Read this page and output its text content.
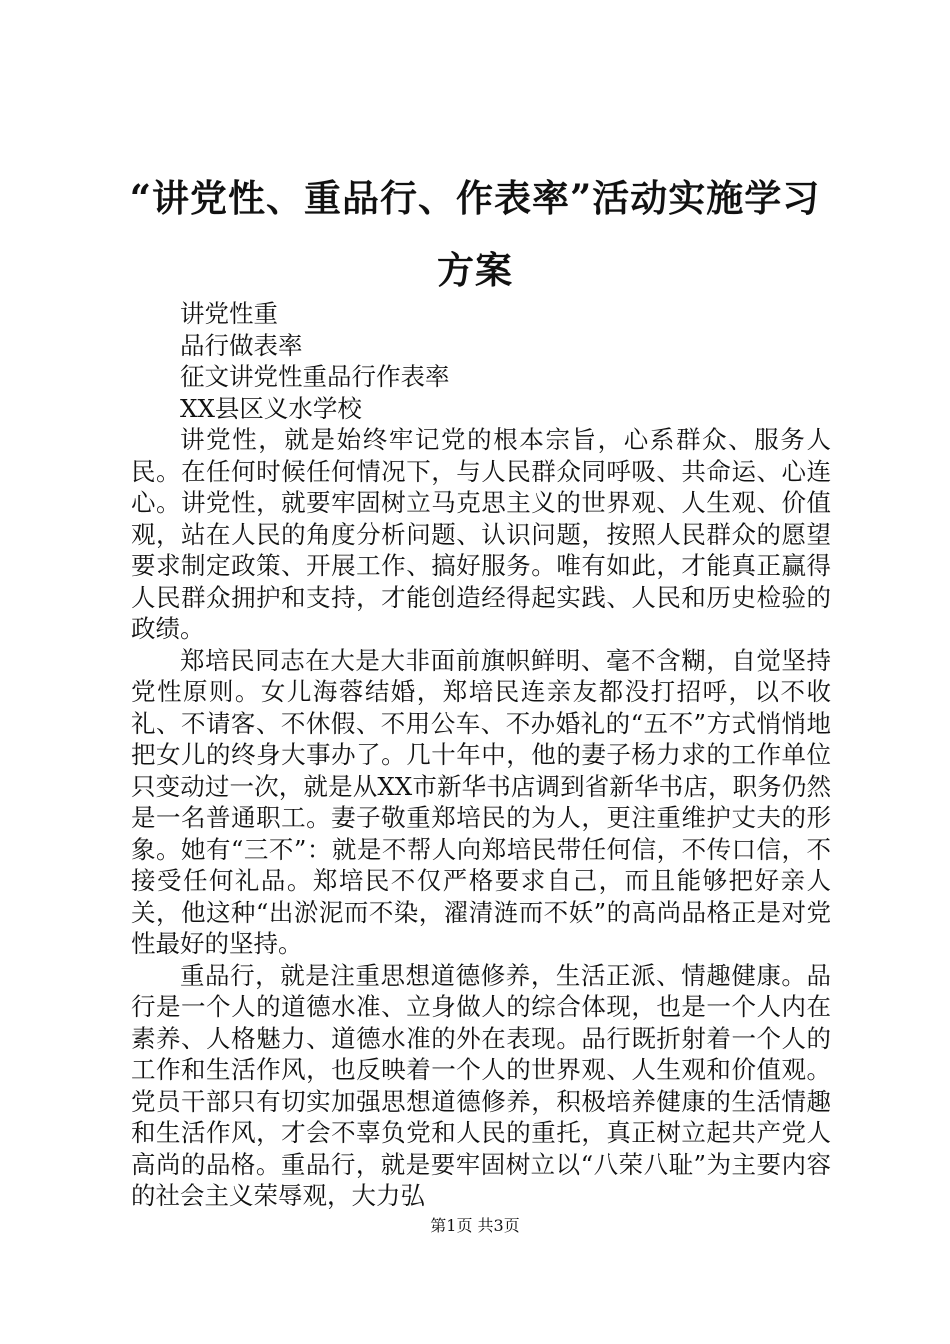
“讲党性、重品行、作表率”活动实施学习方案

讲党性重

品行做表率

征文讲党性重品行作表率

XX县区义水学校

讲党性，就是始终牢记党的根本宗旨，心系群众、服务人民。在任何时候任何情况下，与人民群众同呼吸、共命运、心连心。讲党性，就要牢固树立马克思主义的世界观、人生观、价值观，站在人民的角度分析问题、认识问题，按照人民群众的愿望要求制定政策、开展工作、搞好服务。唯有如此，才能真正赢得人民群众拥护和支持，才能创造经得起实践、人民和历史检验的政绩。

郑培民同志在大是大非面前旗帜鲜明、毫不含糊，自觉坚持党性原则。女儿海蓉结婚，郑培民连亲友都没打招呼，以不收礼、不请客、不休假、不用公车、不办婚礼的“五不”方式悄悄地把女儿的终身大事办了。几十年中，他的妻子杨力求的工作单位只变动过一次，就是从XX市新华书店调到省新华书店，职务仍然是一名普通职工。妻子敬重郑培民的为人，更注重维护丈夫的形象。她有“三不”：就是不帮人向郑培民带任何信，不传口信，不接受任何礼品。郑培民不仅严格要求自己，而且能够把好亲人关，他这种“出淤泥而不染，濯清涟而不妖”的高尚品格正是对党性最好的坚持。

重品行，就是注重思想道德修养，生活正派、情趣健康。品行是一个人的道德水准、立身做人的综合体现，也是一个人内在素养、人格魅力、道德水准的外在表现。品行既折射着一个人的工作和生活作风，也反映着一个人的世界观、人生观和价值观。党员干部只有切实加强思想道德修养，积极培养健康的生活情趣和生活作风，才会不辜负党和人民的重托，真正树立起共产党人高尚的品格。重品行，就是要牢固树立以“八荣八耻”为主要内容的社会主义荣辱观，大力弘

第1页 共3页
